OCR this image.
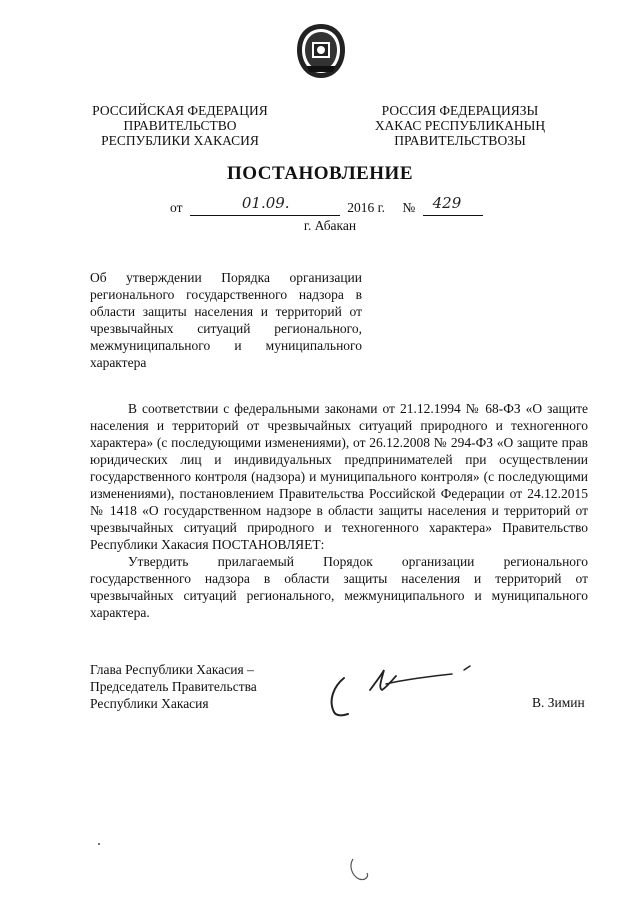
РОССИЙСКАЯ ФЕДЕРАЦИЯ
ПРАВИТЕЛЬСТВО
РЕСПУБЛИКИ ХАКАСИЯ
РОССИЯ ФЕДЕРАЦИЯЗЫ
ХАКАС РЕСПУБЛИКАНЫҢ
ПРАВИТЕЛЬСТВОЗЫ
ПОСТАНОВЛЕНИЕ
от	01.09.	2016 г. № 429
г. Абакан

Об утверждении Порядка организации

регионального государственного надзора в

области защиты населения и территорий от

чрезвычайных ситуаций регионального,

межмуниципального и муниципального

характера

В соответствии с федеральными законами от 21.12.1994 № 68-ФЗ «О защите населения и территорий от чрезвычайных ситуаций природного и техногенного характера» (с последующими изменениями), от 26.12.2008 № 294-ФЗ «О защите прав юридических лиц и индивидуальных предпринимателей при осуществлении государственного контроля (надзора) и муниципального контроля» (с последующими изменениями), постановлением Правительства Российской Федерации от 24.12.2015 № 1418 «О государственном надзоре в области защиты населения и территорий от чрезвычайных ситуаций природного и техногенного характера» Правительство Республики Хакасия ПОСТАНОВЛЯЕТ:

Утвердить прилагаемый Порядок организации регионального государственного надзора в области защиты населения и территорий от чрезвычайных ситуаций регионального, межмуниципального и муниципального характера.

Глава Республики Хакасия –
Председатель Правительства
Республики Хакасия	В. Зимин
